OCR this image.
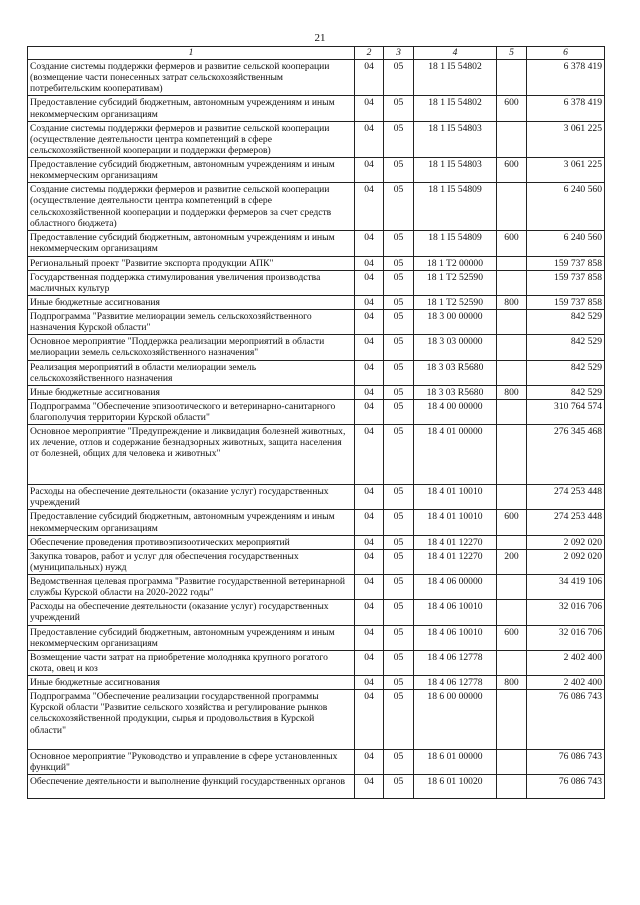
21
1	2	3	4	5	6
Создание системы поддержки фермеров и развитие сельской кооперации (возмещение части понесенных затрат сельскохозяйственным потребительским кооперативам)	04	05	18 1 I5 54802		6 378 419
Предоставление субсидий бюджетным, автономным учреждениям и иным некоммерческим организациям	04	05	18 1 I5 54802	600	6 378 419
Создание системы поддержки фермеров и развитие сельской кооперации (осуществление деятельности центра компетенций в сфере сельскохозяйственной кооперации и поддержки фермеров)	04	05	18 1 I5 54803		3 061 225
Предоставление субсидий бюджетным, автономным учреждениям и иным некоммерческим организациям	04	05	18 1 I5 54803	600	3 061 225
Создание системы поддержки фермеров и развитие сельской кооперации (осуществление деятельности центра компетенций в сфере сельскохозяйственной кооперации и поддержки фермеров за счет средств областного бюджета)	04	05	18 1 I5 54809		6 240 560
Предоставление субсидий бюджетным, автономным учреждениям и иным некоммерческим организациям	04	05	18 1 I5 54809	600	6 240 560
Региональный проект "Развитие экспорта продукции АПК"	04	05	18 1 T2 00000		159 737 858
Государственная поддержка стимулирования увеличения производства масличных культур	04	05	18 1 T2 52590		159 737 858
Иные бюджетные ассигнования	04	05	18 1 T2 52590	800	159 737 858
Подпрограмма "Развитие мелиорации земель сельскохозяйственного назначения Курской области"	04	05	18 3 00 00000		842 529
Основное мероприятие "Поддержка реализации мероприятий в области мелиорации земель сельскохозяйственного назначения"	04	05	18 3 03 00000		842 529
Реализация мероприятий в области мелиорации земель сельскохозяйственного назначения	04	05	18 3 03 R5680		842 529
Иные бюджетные ассигнования	04	05	18 3 03 R5680	800	842 529
Подпрограмма "Обеспечение эпизоотического и ветеринарно-санитарного благополучия территории Курской области"	04	05	18 4 00 00000		310 764 574
Основное мероприятие "Предупреждение и ликвидация болезней животных, их лечение, отлов и содержание безнадзорных животных, защита населения от болезней, общих для человека и животных"	04	05	18 4 01 00000		276 345 468
Расходы на обеспечение деятельности (оказание услуг) государственных учреждений	04	05	18 4 01 10010		274 253 448
Предоставление субсидий бюджетным, автономным учреждениям и иным некоммерческим организациям	04	05	18 4 01 10010	600	274 253 448
Обеспечение проведения противоэпизоотических мероприятий	04	05	18 4 01 12270		2 092 020
Закупка товаров, работ и услуг для обеспечения государственных (муниципальных) нужд	04	05	18 4 01 12270	200	2 092 020
Ведомственная целевая программа "Развитие государственной ветеринарной службы Курской области на 2020-2022 годы"	04	05	18 4 06 00000		34 419 106
Расходы на обеспечение деятельности (оказание услуг) государственных учреждений	04	05	18 4 06 10010		32 016 706
Предоставление субсидий бюджетным, автономным учреждениям и иным некоммерческим организациям	04	05	18 4 06 10010	600	32 016 706
Возмещение части затрат на приобретение молодняка крупного рогатого скота, овец и коз	04	05	18 4 06 12778		2 402 400
Иные бюджетные ассигнования	04	05	18 4 06 12778	800	2 402 400
Подпрограмма "Обеспечение реализации государственной программы Курской области "Развитие сельского хозяйства и регулирование рынков сельскохозяйственной продукции, сырья и продовольствия в Курской области"	04	05	18 6 00 00000		76 086 743
Основное мероприятие "Руководство и управление в сфере установленных функций"	04	05	18 6 01 00000		76 086 743
Обеспечение деятельности и выполнение функций государственных органов	04	05	18 6 01 10020		76 086 743
